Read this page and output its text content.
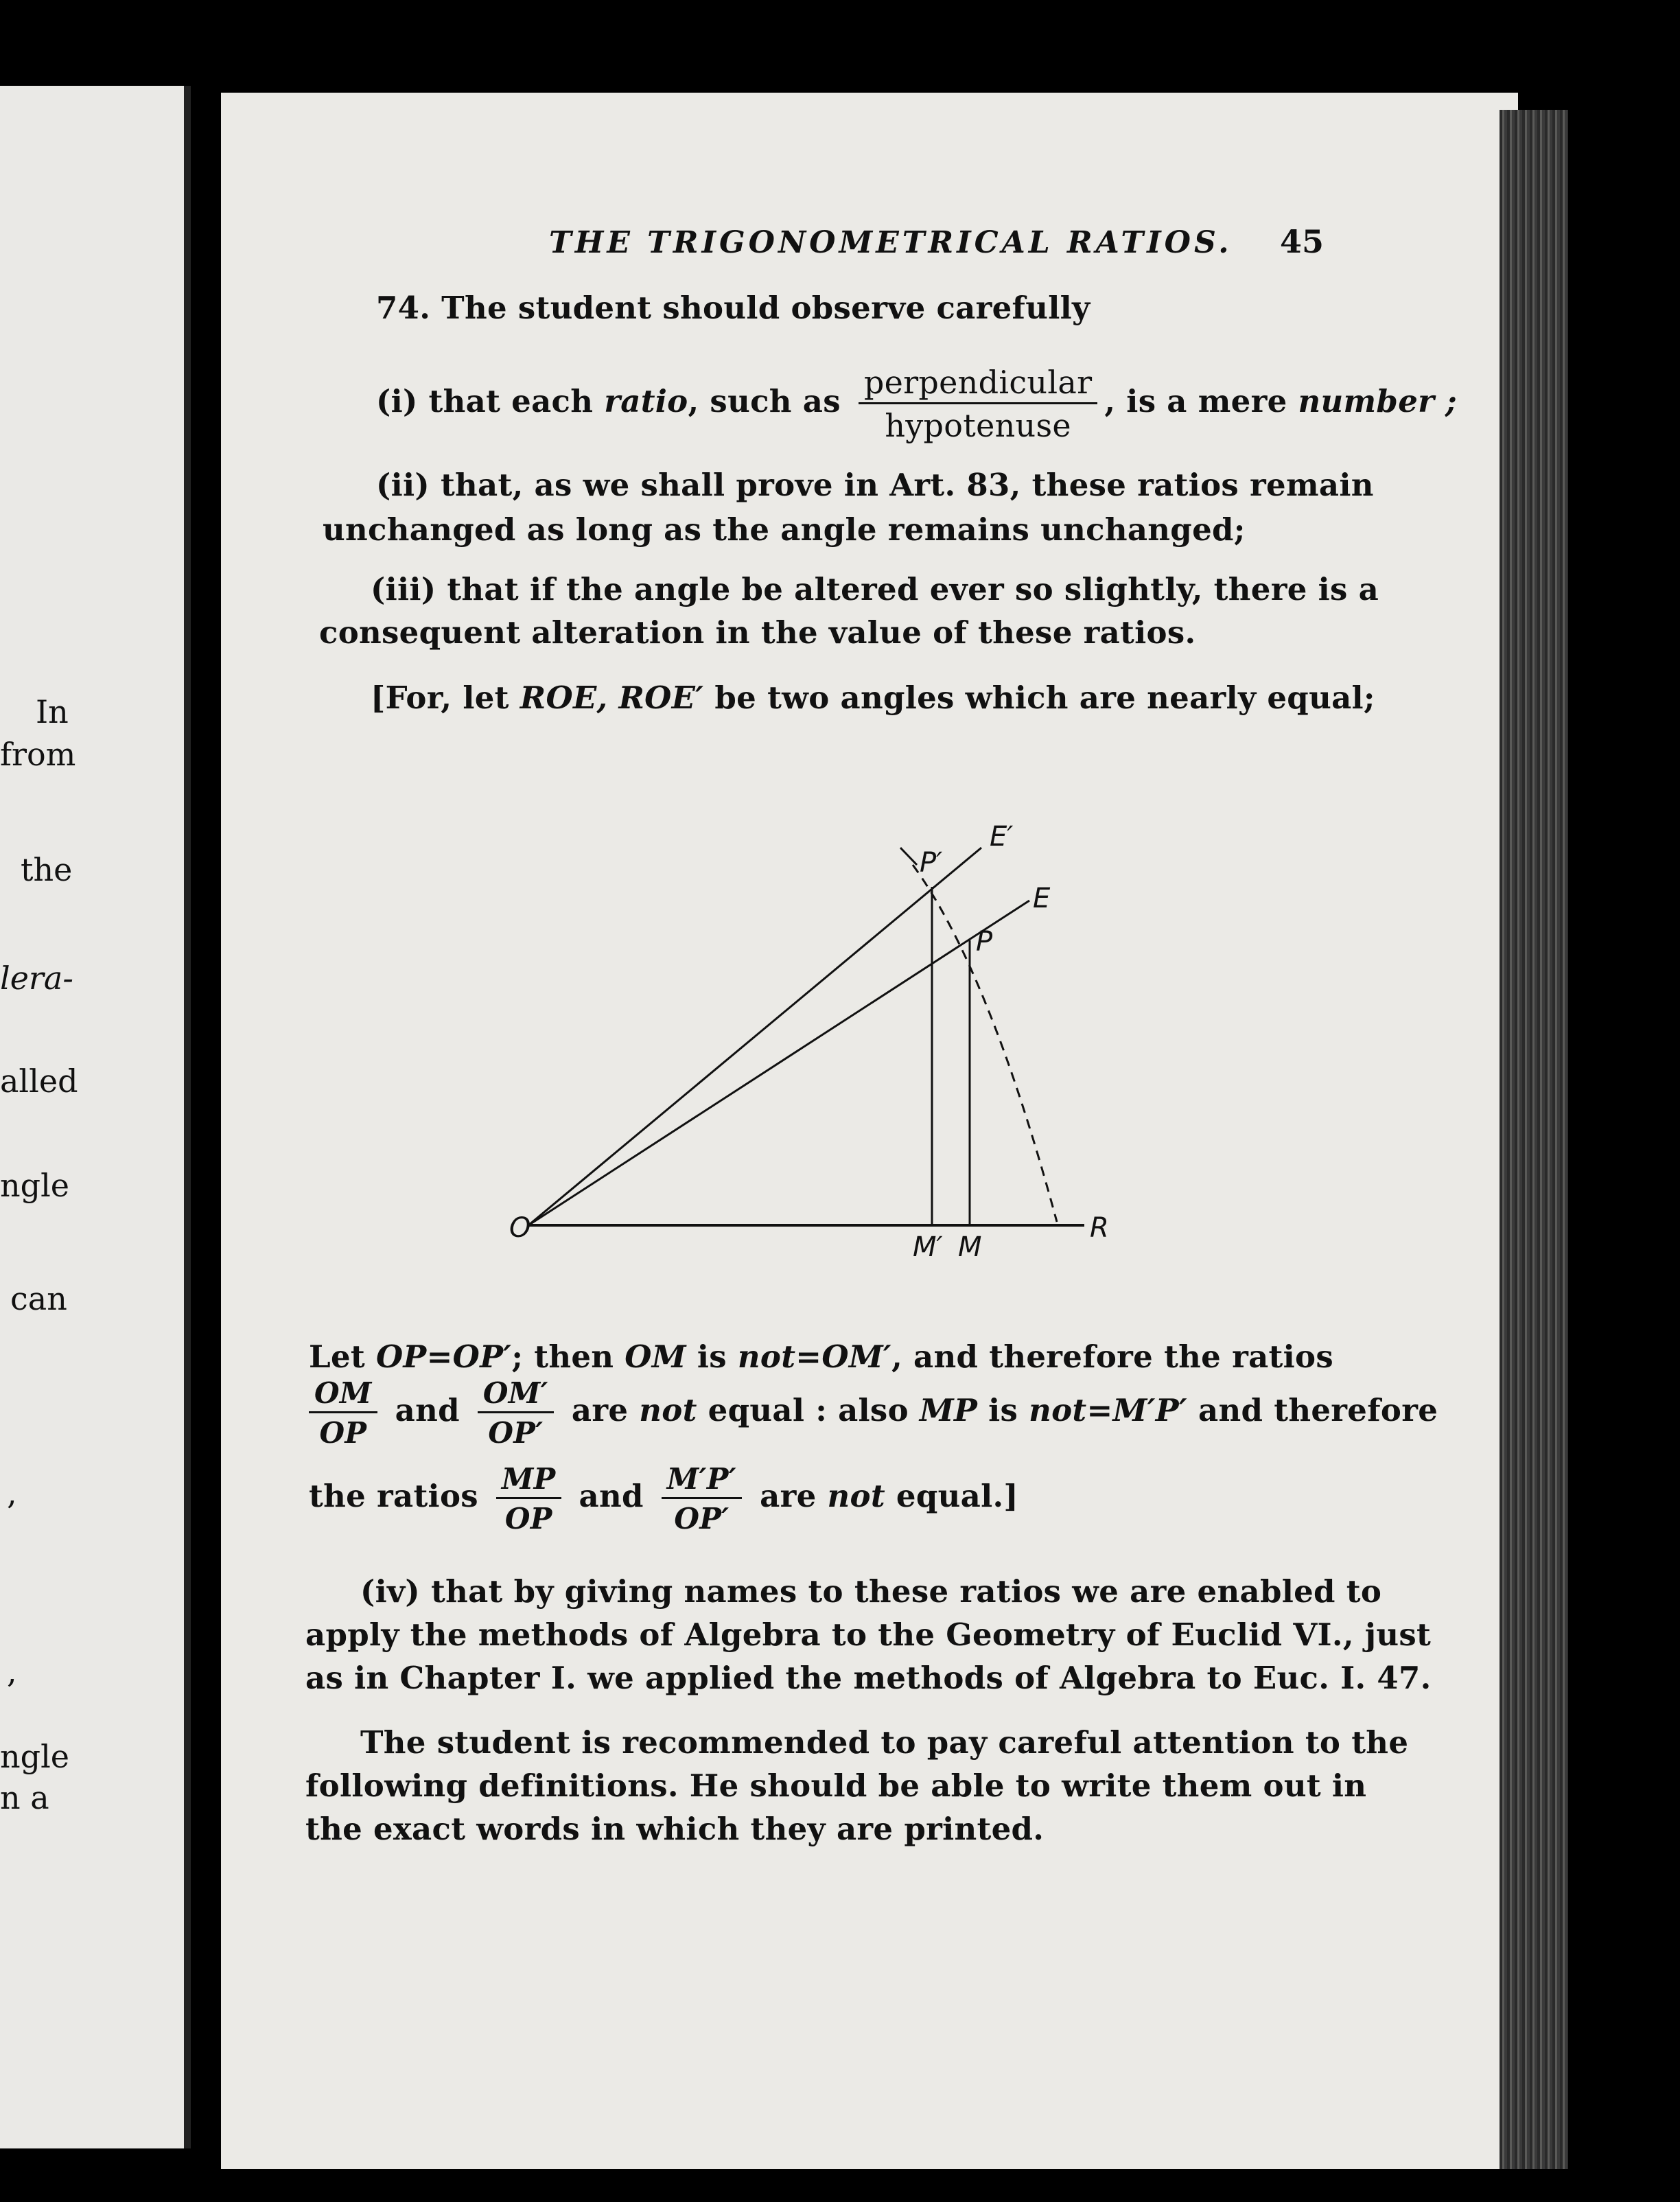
In
from
the
lera-
alled
ngle
can
,
,
ngle
n a
THE TRIGONOMETRICAL RATIOS. 45
74. The student should observe carefully
(i) that each ratio, such as $\frac{\text{perpendicular}}{\text{hypotenuse}}$ , is a mere number ;
(ii) that, as we shall prove in Art. 83, these ratios remain
unchanged as long as the angle remains unchanged;
(iii) that if the angle be altered ever so slightly, there is a
consequent alteration in the value of these ratios.
[For, let ROE, ROE′ be two angles which are nearly equal;
O	R
M′ M
P
P′
E
E′
Let OP=OP′; then OM is not=OM′, and therefore the ratios
$\frac{OM}{OP}$ and $\frac{OM'}{OP'}$ are not equal : also MP is not=M′P′ and therefore
the ratios $\frac{MP}{OP}$ and $\frac{M'P'}{OP'}$ are not equal.]
(iv) that by giving names to these ratios we are enabled to
apply the methods of Algebra to the Geometry of Euclid VI., just
as in Chapter I. we applied the methods of Algebra to Euc. I. 47.
The student is recommended to pay careful attention to the
following definitions. He should be able to write them out in
the exact words in which they are printed.
